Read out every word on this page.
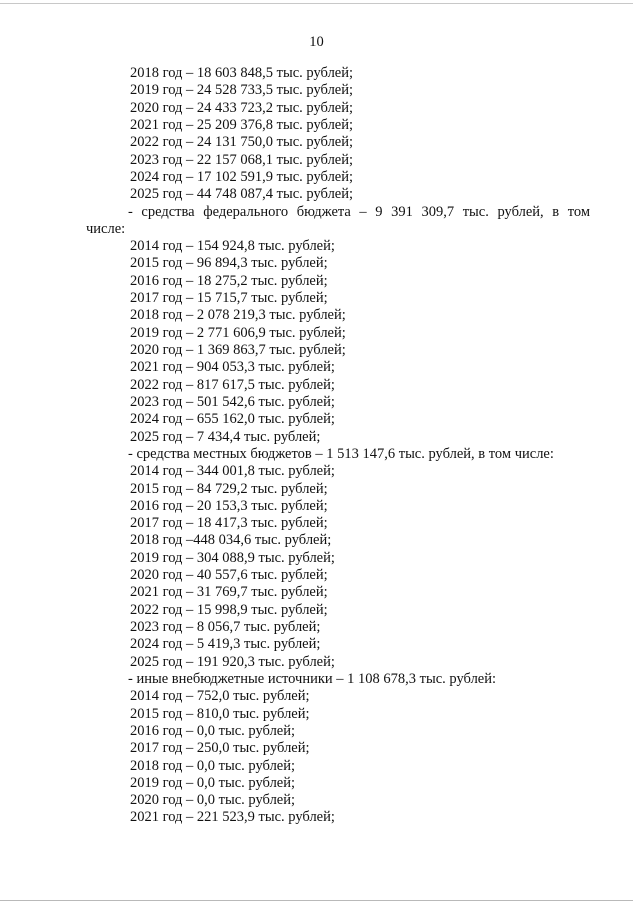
10
2018 год – 18 603 848,5 тыс. рублей;
2019 год – 24 528 733,5 тыс. рублей;
2020 год – 24 433 723,2 тыс. рублей;
2021 год – 25 209 376,8 тыс. рублей;
2022 год – 24 131 750,0 тыс. рублей;
2023 год – 22 157 068,1 тыс. рублей;
2024 год – 17 102 591,9 тыс. рублей;
2025 год – 44 748 087,4 тыс. рублей;
- средства федерального бюджета – 9 391 309,7 тыс. рублей, в том
числе:
2014 год – 154 924,8 тыс. рублей;
2015 год – 96 894,3 тыс. рублей;
2016 год – 18 275,2 тыс. рублей;
2017 год – 15 715,7 тыс. рублей;
2018 год – 2 078 219,3 тыс. рублей;
2019 год – 2 771 606,9 тыс. рублей;
2020 год – 1 369 863,7 тыс. рублей;
2021 год – 904 053,3 тыс. рублей;
2022 год – 817 617,5 тыс. рублей;
2023 год – 501 542,6 тыс. рублей;
2024 год – 655 162,0 тыс. рублей;
2025 год – 7 434,4 тыс. рублей;
- средства местных бюджетов – 1 513 147,6 тыс. рублей, в том числе:
2014 год – 344 001,8 тыс. рублей;
2015 год – 84 729,2 тыс. рублей;
2016 год – 20 153,3 тыс. рублей;
2017 год – 18 417,3 тыс. рублей;
2018 год –448 034,6 тыс. рублей;
2019 год – 304 088,9 тыс. рублей;
2020 год – 40 557,6 тыс. рублей;
2021 год – 31 769,7 тыс. рублей;
2022 год – 15 998,9 тыс. рублей;
2023 год – 8 056,7 тыс. рублей;
2024 год – 5 419,3 тыс. рублей;
2025 год – 191 920,3 тыс. рублей;
- иные внебюджетные источники – 1 108 678,3 тыс. рублей:
2014 год – 752,0 тыс. рублей;
2015 год – 810,0 тыс. рублей;
2016 год – 0,0 тыс. рублей;
2017 год – 250,0 тыс. рублей;
2018 год – 0,0 тыс. рублей;
2019 год – 0,0 тыс. рублей;
2020 год – 0,0 тыс. рублей;
2021 год – 221 523,9 тыс. рублей;
